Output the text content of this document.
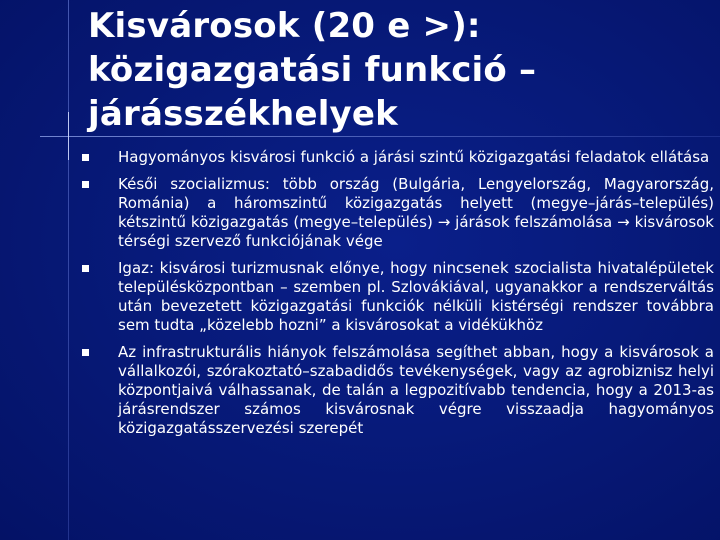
Kisvárosok (20 e >): közigazgatási funkció – járásszékhelyek
Hagyományos kisvárosi funkció a járási szintű közigazgatási feladatok ellátása
Késői szocializmus: több ország (Bulgária, Lengyelország, Magyarország, Románia) a háromszintű közigazgatás helyett (megye–járás–település) kétszintű közigazgatás (megye–település) → járások felszámolása → kisvárosok térségi szervező funkciójának vége
Igaz: kisvárosi turizmusnak előnye, hogy nincsenek szocialista hivatalépületek településközpontban – szemben pl. Szlovákiával, ugyanakkor a rendszerváltás után bevezetett közigazgatási funkciók nélküli kistérségi rendszer továbbra sem tudta „közelebb hozni” a kisvárosokat a vidékükhöz
Az infrastrukturális hiányok felszámolása segíthet abban, hogy a kisvárosok a vállalkozói, szórakoztató–szabadidős tevékenységek, vagy az agrobiznisz helyi központjaivá válhassanak, de talán a legpozitívabb tendencia, hogy a 2013-as járásrendszer számos kisvárosnak végre visszaadja hagyományos közigazgatásszervezési szerepét
